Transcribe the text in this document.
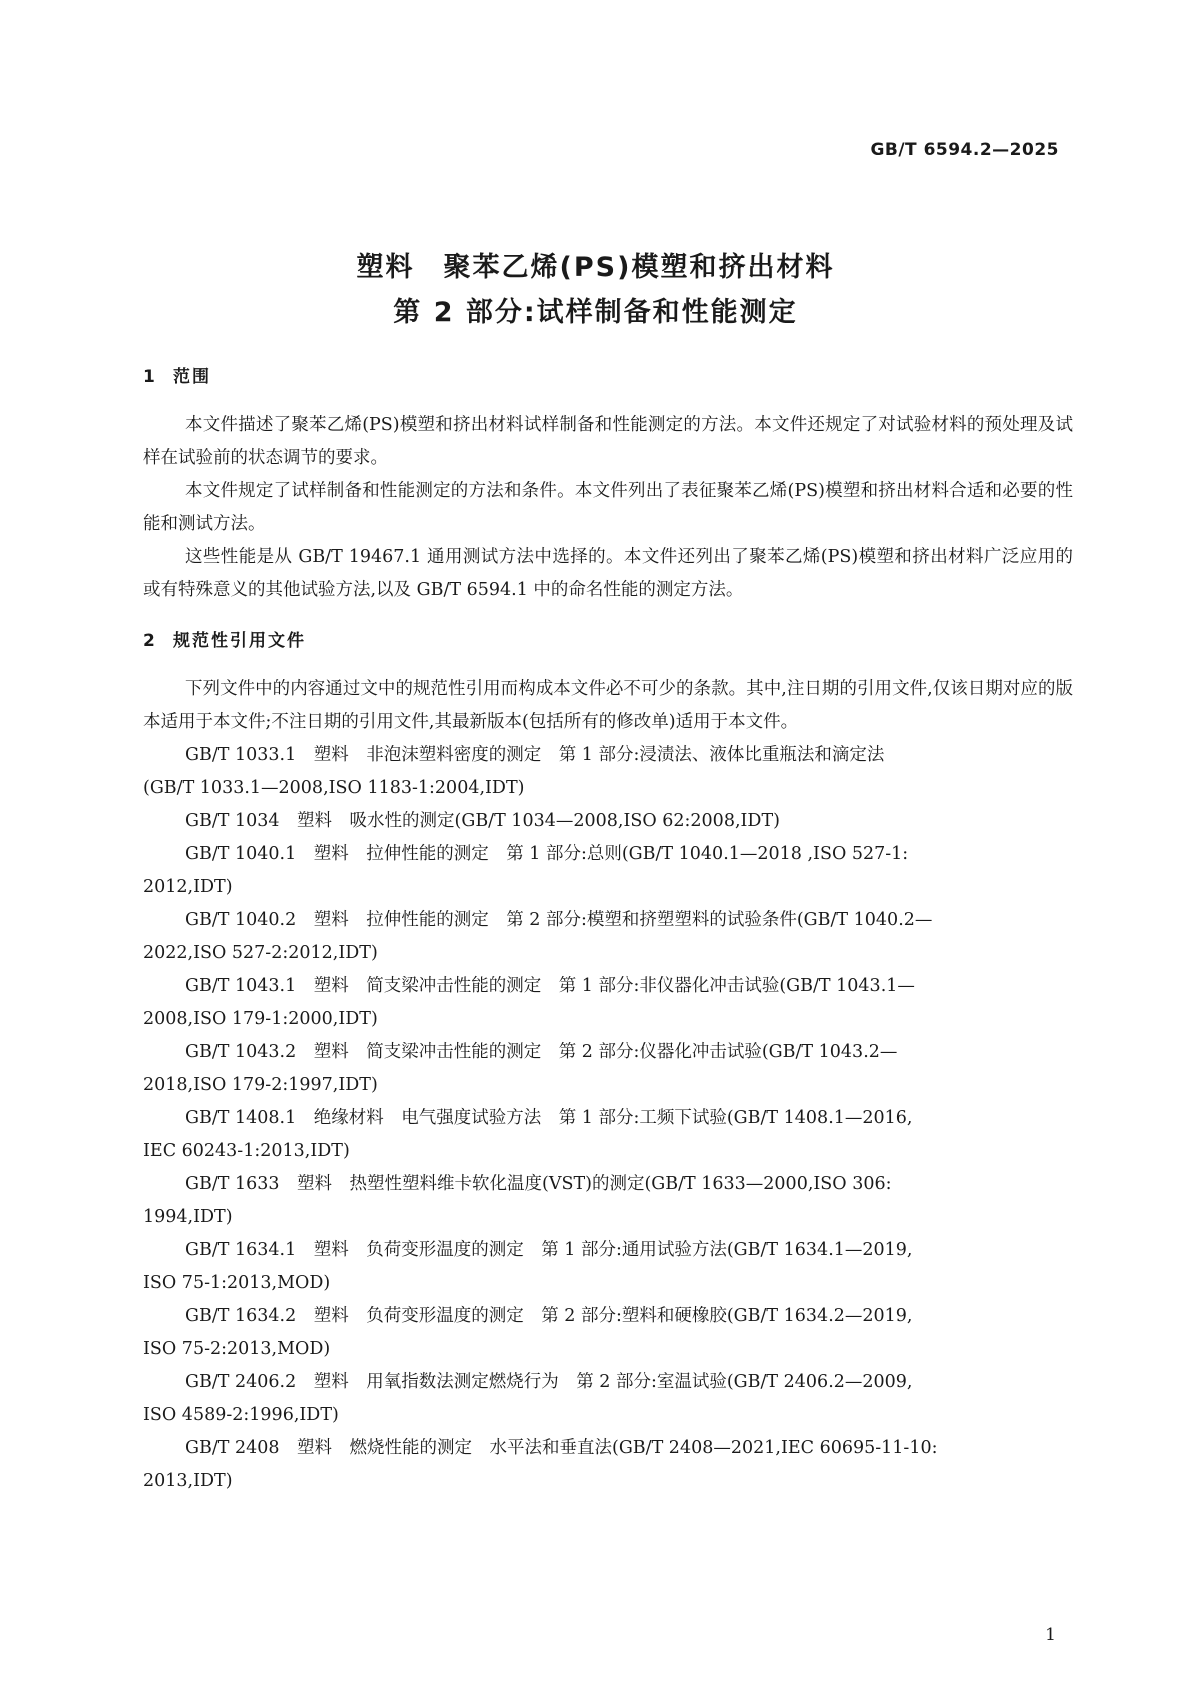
GB/T 6594.2—2025
塑料　聚苯乙烯(PS)模塑和挤出材料
第 2 部分:试样制备和性能测定
1 范围

本文件描述了聚苯乙烯(PS)模塑和挤出材料试样制备和性能测定的方法。本文件还规定了对试验材料的预处理及试样在试验前的状态调节的要求。

本文件规定了试样制备和性能测定的方法和条件。本文件列出了表征聚苯乙烯(PS)模塑和挤出材料合适和必要的性能和测试方法。

这些性能是从 GB/T 19467.1 通用测试方法中选择的。本文件还列出了聚苯乙烯(PS)模塑和挤出材料广泛应用的或有特殊意义的其他试验方法,以及 GB/T 6594.1 中的命名性能的测定方法。

2 规范性引用文件

下列文件中的内容通过文中的规范性引用而构成本文件必不可少的条款。其中,注日期的引用文件,仅该日期对应的版本适用于本文件;不注日期的引用文件,其最新版本(包括所有的修改单)适用于本文件。

GB/T 1033.1　塑料　非泡沫塑料密度的测定　第 1 部分:浸渍法、液体比重瓶法和滴定法
(GB/T 1033.1—2008,ISO 1183-1:2004,IDT)
GB/T 1034　塑料　吸水性的测定(GB/T 1034—2008,ISO 62:2008,IDT)
GB/T 1040.1　塑料　拉伸性能的测定　第 1 部分:总则(GB/T 1040.1—2018 ,ISO 527-1:
2012,IDT)
GB/T 1040.2　塑料　拉伸性能的测定　第 2 部分:模塑和挤塑塑料的试验条件(GB/T 1040.2—
2022,ISO 527-2:2012,IDT)
GB/T 1043.1　塑料　简支梁冲击性能的测定　第 1 部分:非仪器化冲击试验(GB/T 1043.1—
2008,ISO 179-1:2000,IDT)
GB/T 1043.2　塑料　简支梁冲击性能的测定　第 2 部分:仪器化冲击试验(GB/T 1043.2—
2018,ISO 179-2:1997,IDT)
GB/T 1408.1　绝缘材料　电气强度试验方法　第 1 部分:工频下试验(GB/T 1408.1—2016,
IEC 60243-1:2013,IDT)
GB/T 1633　塑料　热塑性塑料维卡软化温度(VST)的测定(GB/T 1633—2000,ISO 306:
1994,IDT)
GB/T 1634.1　塑料　负荷变形温度的测定　第 1 部分:通用试验方法(GB/T 1634.1—2019,
ISO 75-1:2013,MOD)
GB/T 1634.2　塑料　负荷变形温度的测定　第 2 部分:塑料和硬橡胶(GB/T 1634.2—2019,
ISO 75-2:2013,MOD)
GB/T 2406.2　塑料　用氧指数法测定燃烧行为　第 2 部分:室温试验(GB/T 2406.2—2009,
ISO 4589-2:1996,IDT)
GB/T 2408　塑料　燃烧性能的测定　水平法和垂直法(GB/T 2408—2021,IEC 60695-11-10:
2013,IDT)
1
